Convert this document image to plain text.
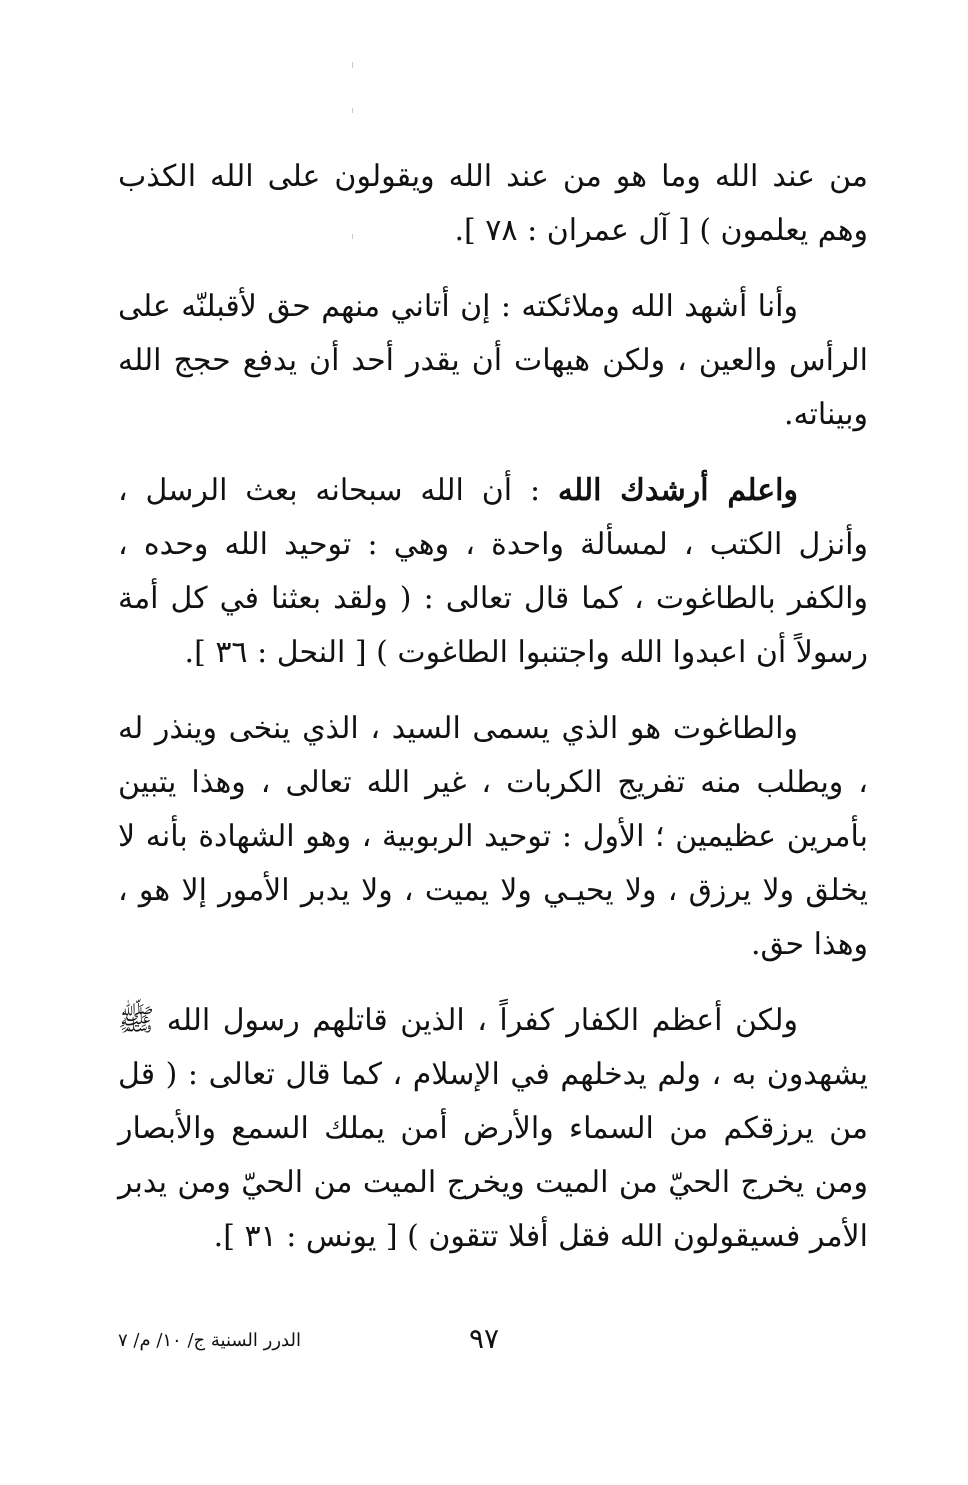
من عند الله وما هو من عند الله ويقولون على الله الكذب وهم يعلمون ) [ آل عمران : ٧٨ ].

وأنا أشهد الله وملائكته : إن أتاني منهم حق لأقبلنّه على الرأس والعين ، ولكن هيهات أن يقدر أحد أن يدفع حجج الله وبيناته.

واعلم أرشدك الله : أن الله سبحانه بعث الرسل ، وأنزل الكتب ، لمسألة واحدة ، وهي : توحيد الله وحده ، والكفر بالطاغوت ، كما قال تعالى : ( ولقد بعثنا في كل أمة رسولاً أن اعبدوا الله واجتنبوا الطاغوت ) [ النحل : ٣٦ ].

والطاغوت هو الذي يسمى السيد ، الذي ينخى وينذر له ، ويطلب منه تفريج الكربات ، غير الله تعالى ، وهذا يتبين بأمرين عظيمين ؛ الأول : توحيد الربوبية ، وهو الشهادة بأنه لا يخلق ولا يرزق ، ولا يحيـي ولا يميت ، ولا يدبر الأمور إلا هو ، وهذا حق.

ولكن أعظم الكفار كفراً ، الذين قاتلهم رسول الله ﷺ يشهدون به ، ولم يدخلهم في الإسلام ، كما قال تعالى : ( قل من يرزقكم من السماء والأرض أمن يملك السمع والأبصار ومن يخرج الحيّ من الميت ويخرج الميت من الحيّ ومن يدبر الأمر فسيقولون الله فقل أفلا تتقون ) [ يونس : ٣١ ].

٩٧
الدرر السنية ج/ ١٠/ م/ ٧
